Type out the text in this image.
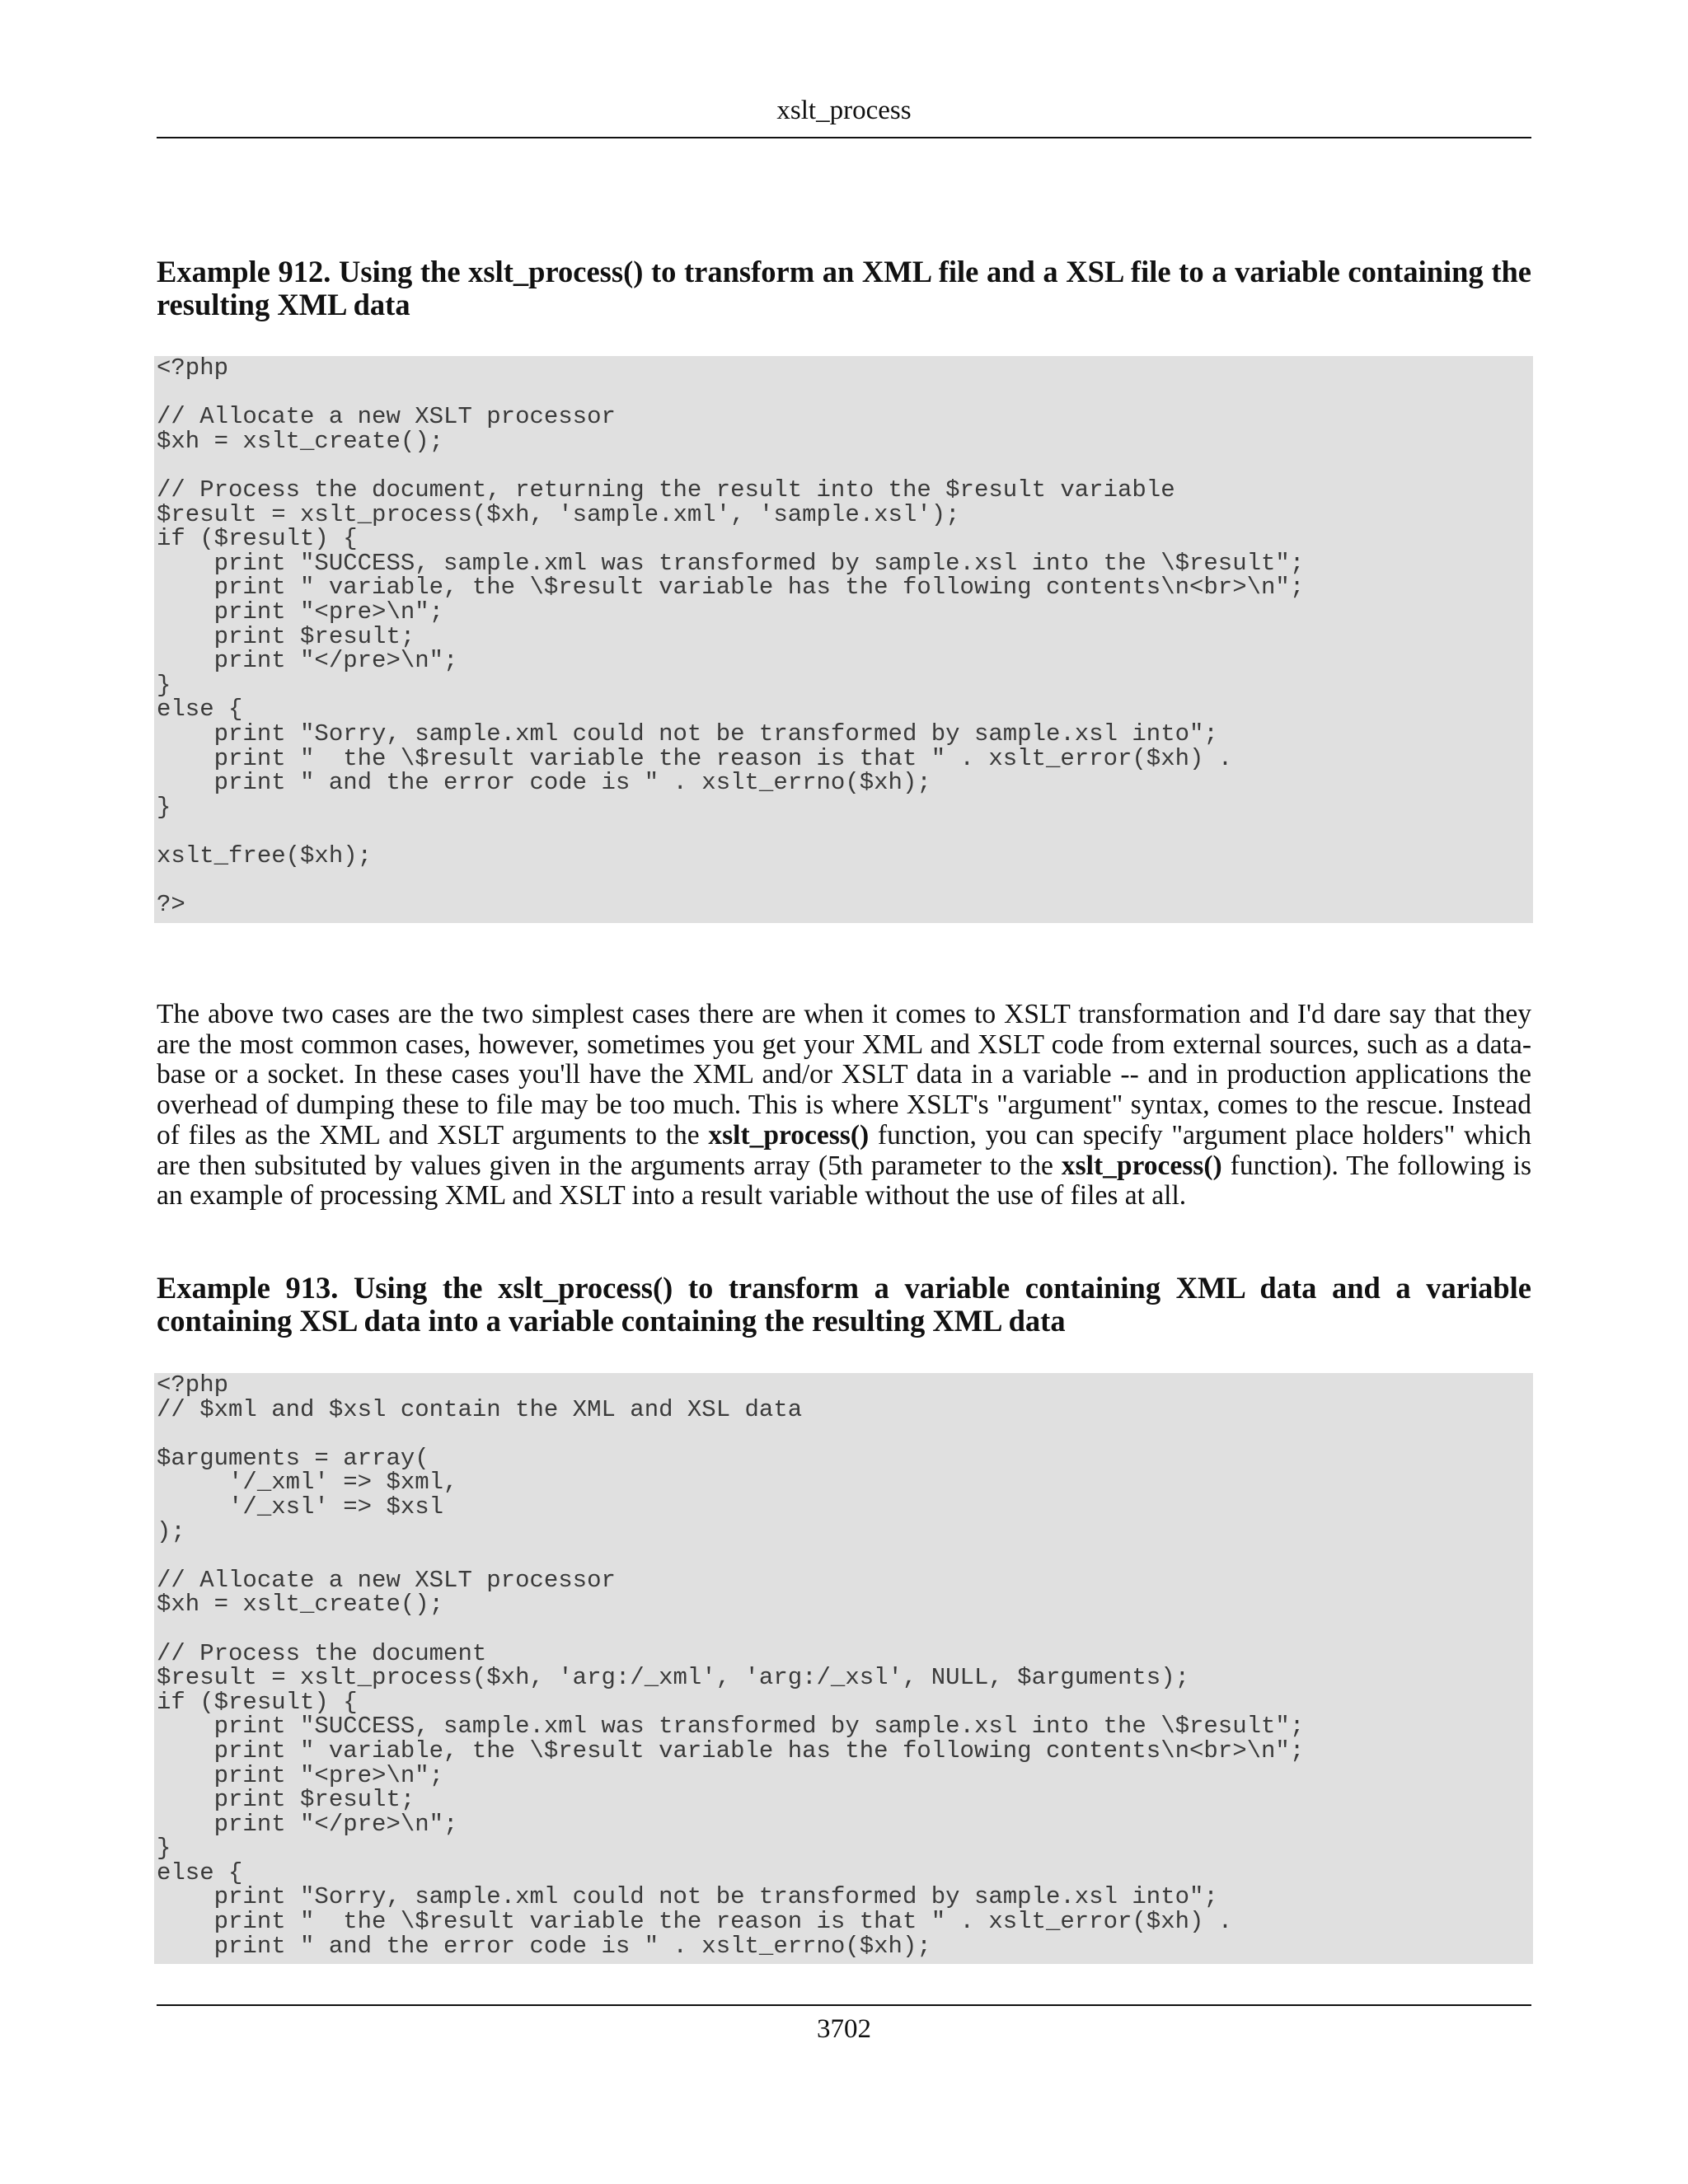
xslt_process
Example 912. Using the xslt_process() to transform an XML file and a XSL file to a variable containing the resulting XML data
<?php

// Allocate a new XSLT processor
$xh = xslt_create();

// Process the document, returning the result into the $result variable
$result = xslt_process($xh, 'sample.xml', 'sample.xsl');
if ($result) {
print "SUCCESS, sample.xml was transformed by sample.xsl into the \$result";
print " variable, the \$result variable has the following contents\n<br>\n";
print "<pre>\n";
print $result;
print "</pre>\n";
}
else {
print "Sorry, sample.xml could not be transformed by sample.xsl into";
print "  the \$result variable the reason is that " . xslt_error($xh) .
print " and the error code is " . xslt_errno($xh);
}

xslt_free($xh);

?>
The above two cases are the two simplest cases there are when it comes to XSLT transformation and I'd dare say that they are the most common cases, however, sometimes you get your XML and XSLT code from external sources, such as a data-base or a socket. In these cases you'll have the XML and/or XSLT data in a variable -- and in production applications the overhead of dumping these to file may be too much. This is where XSLT's "argument" syntax, comes to the rescue. Instead of files as the XML and XSLT arguments to the xslt_process() function, you can specify "argument place holders" which are then subsituted by values given in the arguments array (5th parameter to the xslt_process() function). The following is an example of processing XML and XSLT into a result variable without the use of files at all.
Example 913. Using the xslt_process() to transform a variable containing XML data and a variable containing XSL data into a variable containing the resulting XML data
<?php
// $xml and $xsl contain the XML and XSL data

$arguments = array(
'/_xml' => $xml,
'/_xsl' => $xsl
);

// Allocate a new XSLT processor
$xh = xslt_create();

// Process the document
$result = xslt_process($xh, 'arg:/_xml', 'arg:/_xsl', NULL, $arguments);
if ($result) {
print "SUCCESS, sample.xml was transformed by sample.xsl into the \$result";
print " variable, the \$result variable has the following contents\n<br>\n";
print "<pre>\n";
print $result;
print "</pre>\n";
}
else {
print "Sorry, sample.xml could not be transformed by sample.xsl into";
print "  the \$result variable the reason is that " . xslt_error($xh) .
print " and the error code is " . xslt_errno($xh);
3702
